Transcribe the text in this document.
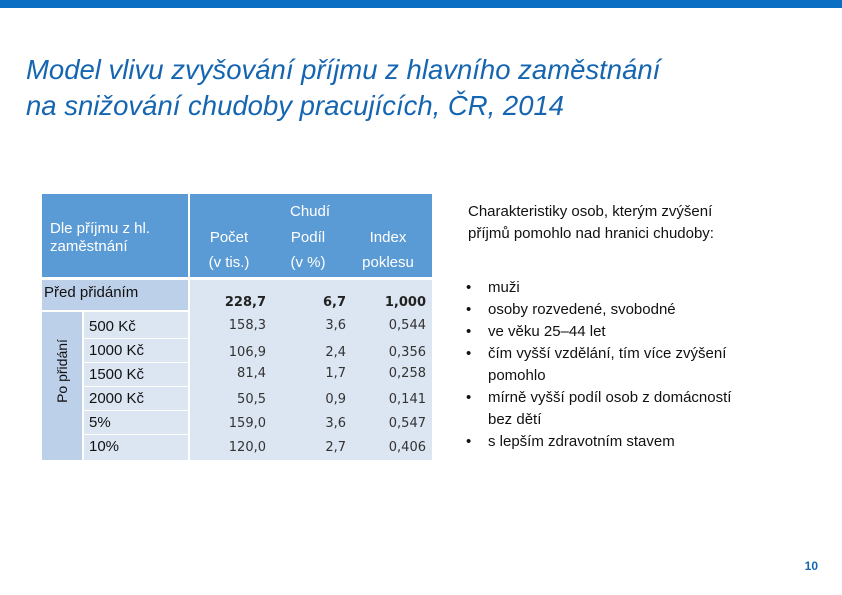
Model vlivu zvyšování příjmu z hlavního zaměstnání
na snižování chudoby pracujících, ČR, 2014
Dle příjmu z hl.
zaměstnání
Chudí
Počet
(v tis.)
Podíl
(v %)
Index
poklesu
Před přidáním
228,7	6,7	1,000
Po přidání
500 Kč
1000 Kč
1500 Kč
2000 Kč
5%
10%
158,3
106,9
81,4
50,5
159,0
120,0
3,6
2,4
1,7
0,9
3,6
2,7
0,544
0,356
0,258
0,141
0,547
0,406
Charakteristiky osob, kterým zvýšení
příjmů pomohlo nad hranici chudoby:
• muži
• osoby rozvedené, svobodné
• ve věku 25–44 let
• čím vyšší vzdělání, tím více zvýšení
pomohlo
• mírně vyšší podíl osob z domácností
bez dětí
• s lepším zdravotním stavem
10
